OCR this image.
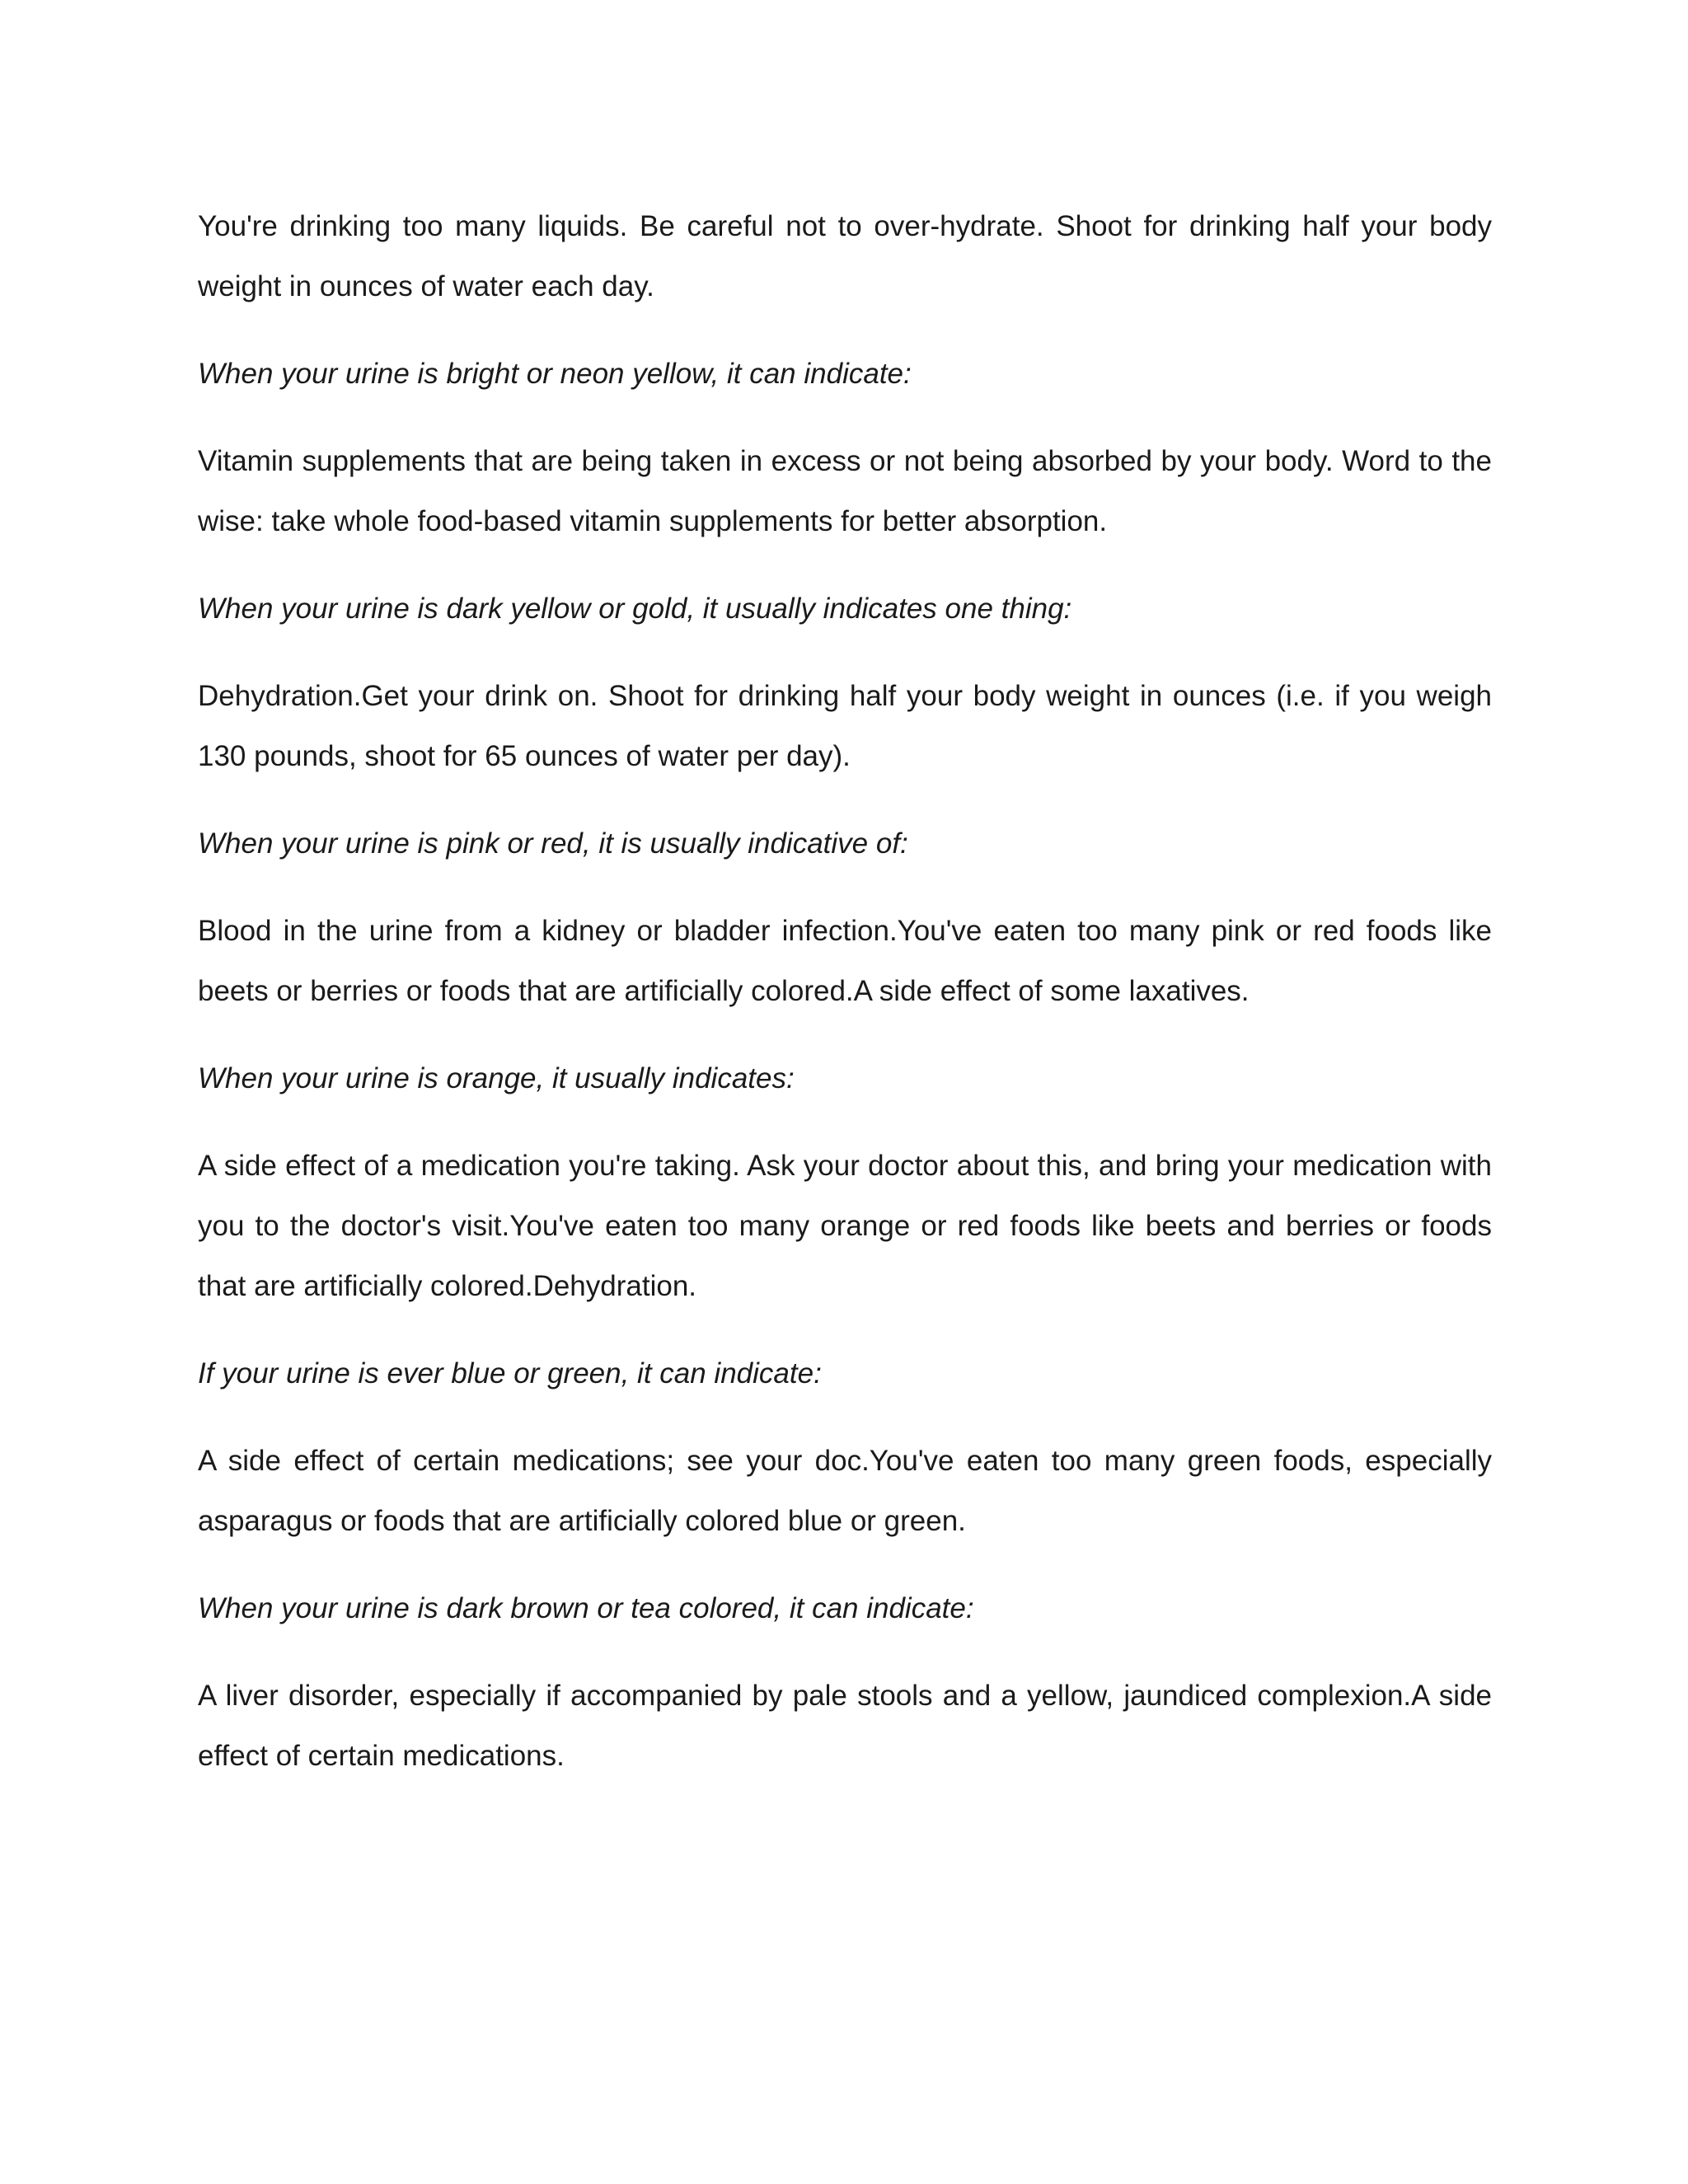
You're drinking too many liquids. Be careful not to over-hydrate. Shoot for drinking half your body weight in ounces of water each day.

When your urine is bright or neon yellow, it can indicate:

Vitamin supplements that are being taken in excess or not being absorbed by your body. Word to the wise: take whole food-based vitamin supplements for better absorption.

When your urine is dark yellow or gold, it usually indicates one thing:

Dehydration.Get your drink on. Shoot for drinking half your body weight in ounces (i.e. if you weigh 130 pounds, shoot for 65 ounces of water per day).

When your urine is pink or red, it is usually indicative of:

Blood in the urine from a kidney or bladder infection.You've eaten too many pink or red foods like beets or berries or foods that are artificially colored.A side effect of some laxatives.

When your urine is orange, it usually indicates:

A side effect of a medication you're taking. Ask your doctor about this, and bring your medication with you to the doctor's visit.You've eaten too many orange or red foods like beets and berries or foods that are artificially colored.Dehydration.

If your urine is ever blue or green, it can indicate:

A side effect of certain medications; see your doc.You've eaten too many green foods, especially asparagus or foods that are artificially colored blue or green.

When your urine is dark brown or tea colored, it can indicate:

A liver disorder, especially if accompanied by pale stools and a yellow, jaundiced complexion.A side effect of certain medications.
